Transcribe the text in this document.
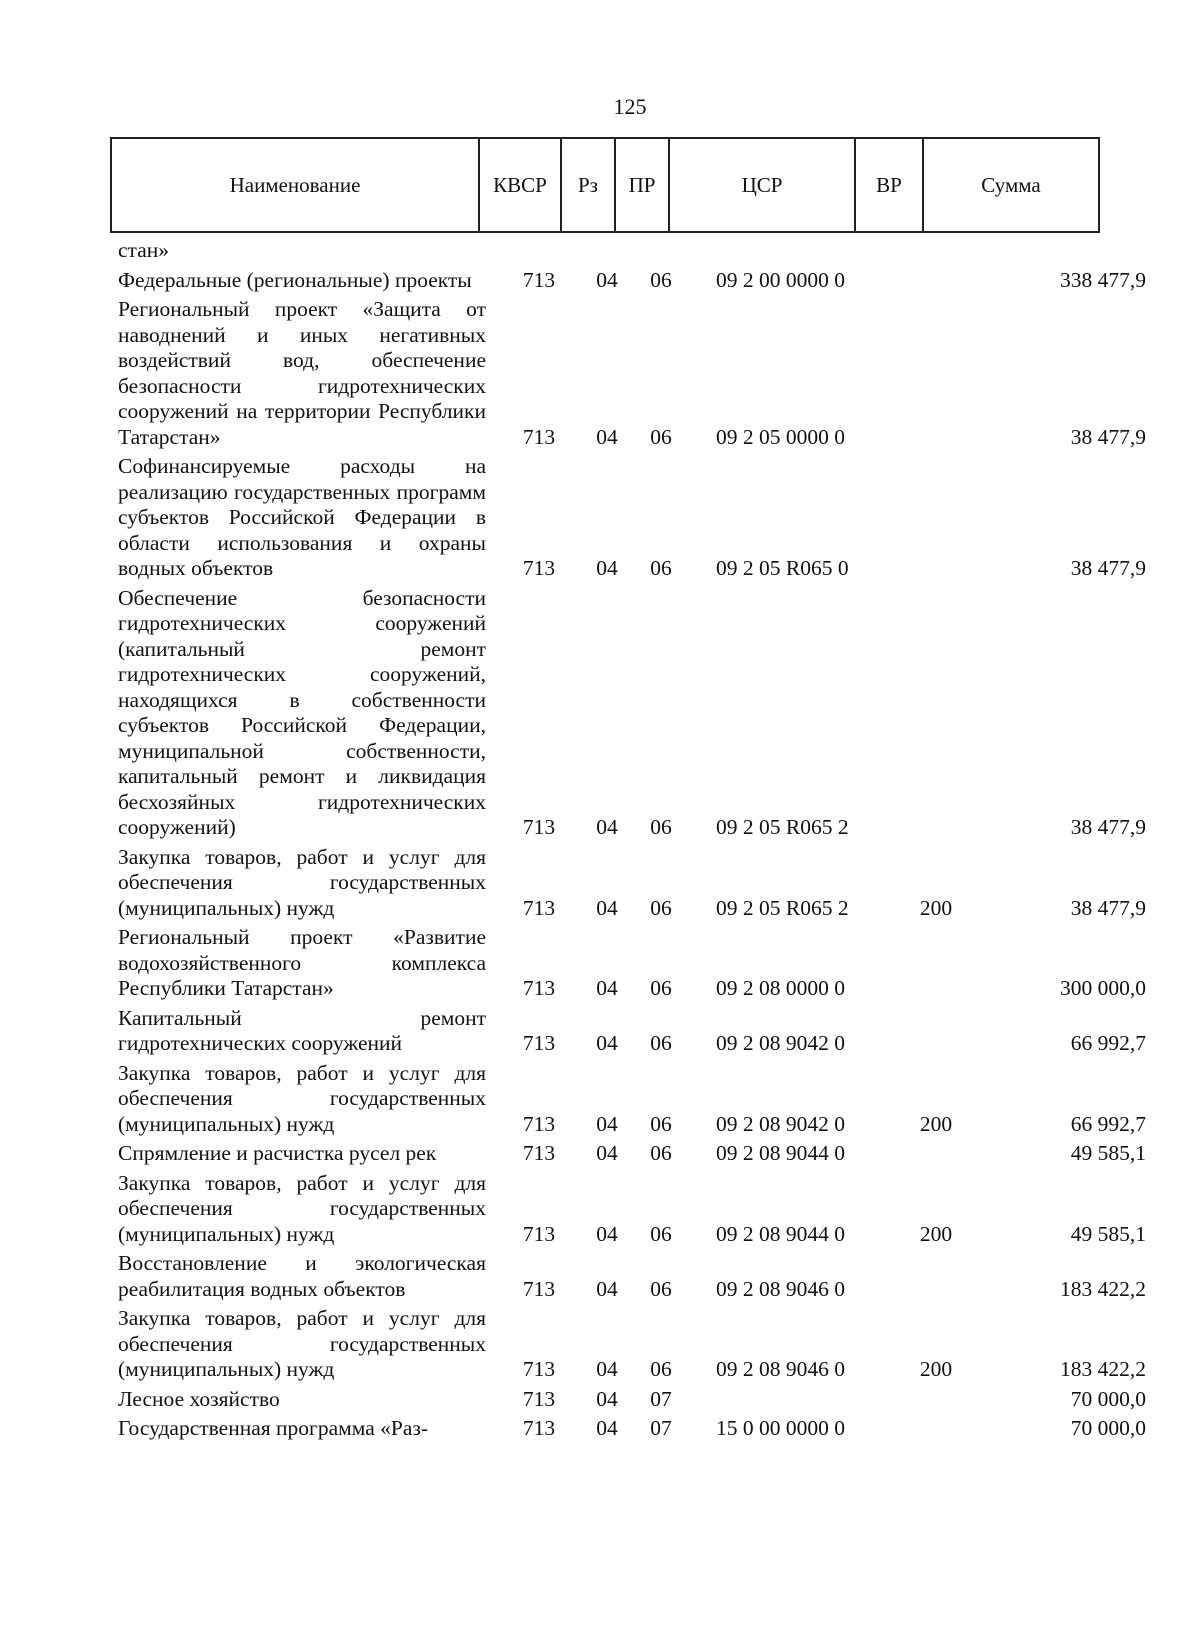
125
Наименование	КВСР	Рз	ПР	ЦСР	ВР	Сумма
стан»						
Федеральные (региональные) проекты	713	04	06	09 2 00 0000 0		338 477,9
Региональный проект «Защита от наводнений и иных негативных воздействий вод, обеспечение безопасности гидротехнических сооружений на территории Республики Татарстан»	713	04	06	09 2 05 0000 0		38 477,9
Софинансируемые расходы на реализацию государственных программ субъектов Российской Федерации в области использования и охраны водных объектов	713	04	06	09 2 05 R065 0		38 477,9
Обеспечение безопасности гидротехнических сооружений (капитальный ремонт гидротехнических сооружений, находящихся в собственности субъектов Российской Федерации, муниципальной собственности, капитальный ремонт и ликвидация бесхозяйных гидротехнических сооружений)	713	04	06	09 2 05 R065 2		38 477,9
Закупка товаров, работ и услуг для обеспечения государственных (муниципальных) нужд	713	04	06	09 2 05 R065 2	200	38 477,9
Региональный проект «Развитие водохозяйственного комплекса Республики Татарстан»	713	04	06	09 2 08 0000 0		300 000,0
Капитальный ремонт гидротехнических сооружений	713	04	06	09 2 08 9042 0		66 992,7
Закупка товаров, работ и услуг для обеспечения государственных (муниципальных) нужд	713	04	06	09 2 08 9042 0	200	66 992,7
Спрямление и расчистка русел рек	713	04	06	09 2 08 9044 0		49 585,1
Закупка товаров, работ и услуг для обеспечения государственных (муниципальных) нужд	713	04	06	09 2 08 9044 0	200	49 585,1
Восстановление и экологическая реабилитация водных объектов	713	04	06	09 2 08 9046 0		183 422,2
Закупка товаров, работ и услуг для обеспечения государственных (муниципальных) нужд	713	04	06	09 2 08 9046 0	200	183 422,2
Лесное хозяйство	713	04	07			70 000,0
Государственная программа «Раз-	713	04	07	15 0 00 0000 0		70 000,0
